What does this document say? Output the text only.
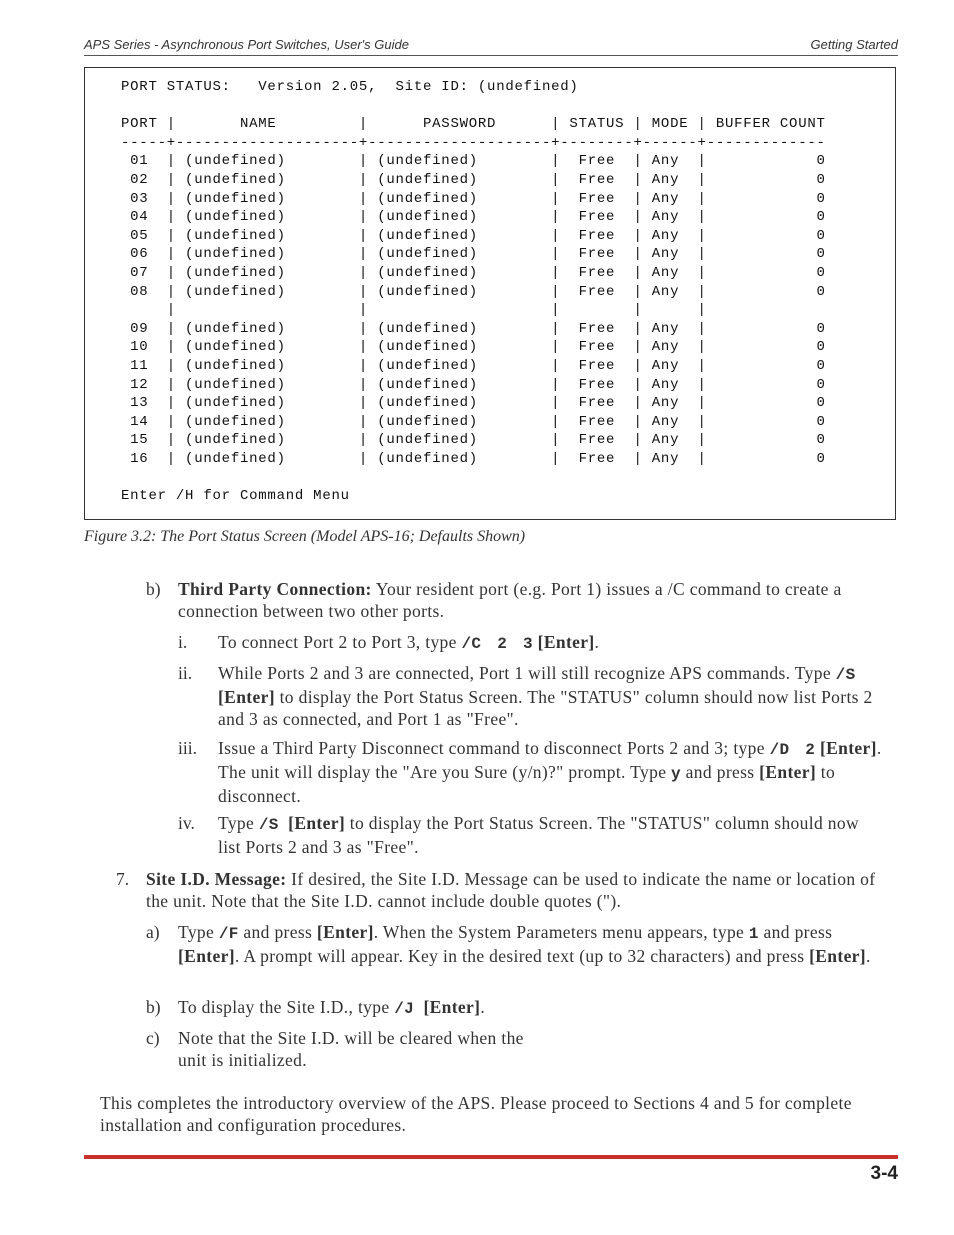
APS Series - Asynchronous Port Switches, User's Guide	Getting Started
PORT STATUS:   Version 2.05,  Site ID: (undefined)

PORT |       NAME         |      PASSWORD      | STATUS | MODE | BUFFER COUNT
-----+--------------------+--------------------+--------+------+-------------
01  | (undefined)        | (undefined)        |  Free  | Any  |            0
02  | (undefined)        | (undefined)        |  Free  | Any  |            0
03  | (undefined)        | (undefined)        |  Free  | Any  |            0
04  | (undefined)        | (undefined)        |  Free  | Any  |            0
05  | (undefined)        | (undefined)        |  Free  | Any  |            0
06  | (undefined)        | (undefined)        |  Free  | Any  |            0
07  | (undefined)        | (undefined)        |  Free  | Any  |            0
08  | (undefined)        | (undefined)        |  Free  | Any  |            0
|                    |                    |        |      |
09  | (undefined)        | (undefined)        |  Free  | Any  |            0
10  | (undefined)        | (undefined)        |  Free  | Any  |            0
11  | (undefined)        | (undefined)        |  Free  | Any  |            0
12  | (undefined)        | (undefined)        |  Free  | Any  |            0
13  | (undefined)        | (undefined)        |  Free  | Any  |            0
14  | (undefined)        | (undefined)        |  Free  | Any  |            0
15  | (undefined)        | (undefined)        |  Free  | Any  |            0
16  | (undefined)        | (undefined)        |  Free  | Any  |            0

Enter /H for Command Menu
Figure 3.2: The Port Status Screen (Model APS-16; Defaults Shown)
b) Third Party Connection: Your resident port (e.g. Port 1) issues a /C command to create a connection between two other ports.
i. To connect Port 2 to Port 3, type /C 2 3 [Enter].
ii. While Ports 2 and 3 are connected, Port 1 will still recognize APS commands. Type /S  [Enter] to display the Port Status Screen. The "STATUS" column should now list Ports 2 and 3 as connected, and Port 1 as "Free".
iii. Issue a Third Party Disconnect command to disconnect Ports 2 and 3; type /D 2 [Enter]. The unit will display the "Are you Sure (y/n)?" prompt. Type y and press [Enter] to disconnect.
iv. Type /S [Enter] to display the Port Status Screen. The "STATUS" column should now list Ports 2 and 3 as "Free".
7. Site I.D. Message: If desired, the Site I.D. Message can be used to indicate the name or location of the unit. Note that the Site I.D. cannot include double quotes (").
a) Type /F and press [Enter]. When the System Parameters menu appears, type 1 and press [Enter]. A prompt will appear. Key in the desired text (up to 32 characters) and press [Enter].
b) To display the Site I.D., type /J [Enter].
c) Note that the Site I.D. will be cleared when the
unit is initialized.
This completes the introductory overview of the APS. Please proceed to Sections 4 and 5 for complete installation and configuration procedures.
3-4
